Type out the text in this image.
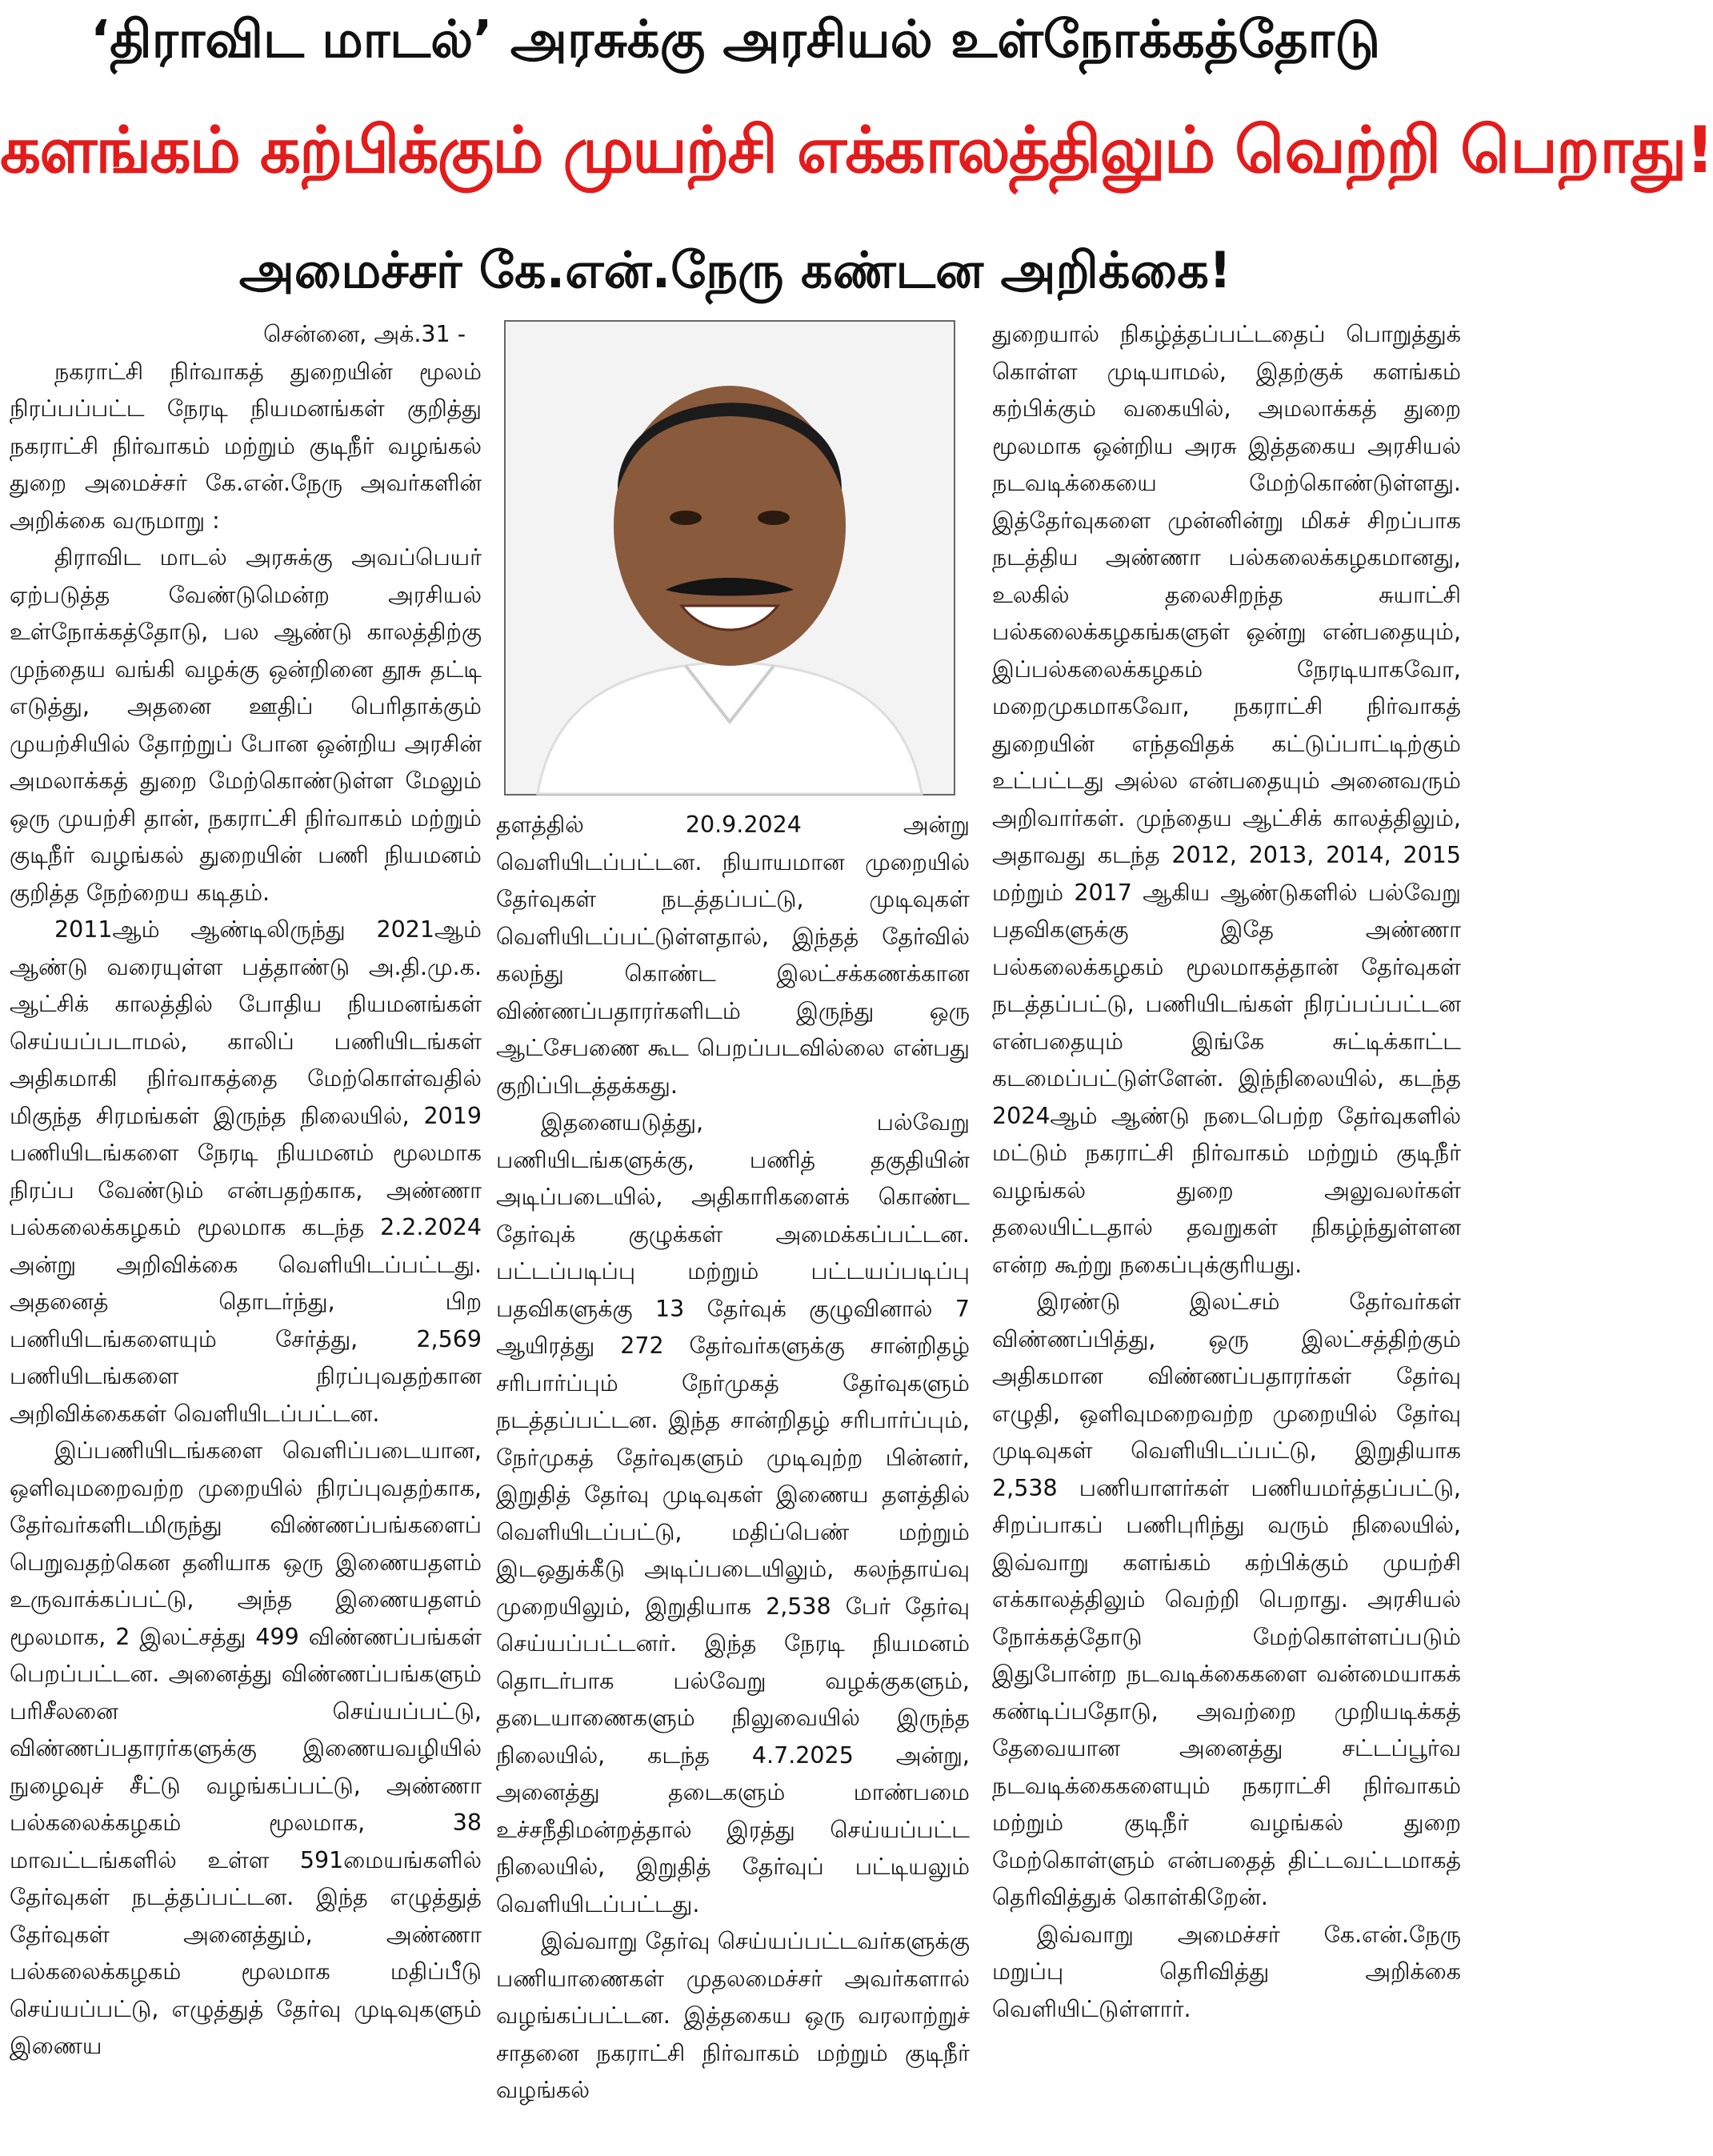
‘திராவிட மாடல்’ அரசுக்கு அரசியல் உள்நோக்கத்தோடு
களங்கம் கற்பிக்கும் முயற்சி எக்காலத்திலும் வெற்றி பெறாது!
அமைச்சர் கே.என்.நேரு கண்டன அறிக்கை!
சென்னை, அக்.31 -

நகராட்சி நிர்வாகத் துறையின் மூலம் நிரப்பப்பட்ட நேரடி நியமனங்கள் குறித்து நகராட்சி நிர்வாகம் மற்றும் குடிநீர் வழங்கல் துறை அமைச்சர் கே.என்.நேரு அவர்களின் அறிக்கை வருமாறு :

திராவிட மாடல் அரசுக்கு அவப்பெயர் ஏற்படுத்த வேண்டுமென்ற அரசியல் உள்நோக்கத்தோடு, பல ஆண்டு காலத்திற்கு முந்தைய வங்கி வழக்கு ஒன்றினை தூசு தட்டி எடுத்து, அதனை ஊதிப் பெரிதாக்கும் முயற்சியில் தோற்றுப் போன ஒன்றிய அரசின் அமலாக்கத் துறை மேற்கொண்டுள்ள மேலும் ஒரு முயற்சி தான், நகராட்சி நிர்வாகம் மற்றும் குடிநீர் வழங்கல் துறையின் பணி நியமனம் குறித்த நேற்றைய கடிதம்.

2011ஆம் ஆண்டிலிருந்து 2021ஆம் ஆண்டு வரையுள்ள பத்தாண்டு அ.தி.மு.க. ஆட்சிக் காலத்தில் போதிய நியமனங்கள் செய்யப்படாமல், காலிப் பணியிடங்கள் அதிகமாகி நிர்வாகத்தை மேற்கொள்வதில் மிகுந்த சிரமங்கள் இருந்த நிலையில், 2019 பணியிடங்களை நேரடி நியமனம் மூலமாக நிரப்ப வேண்டும் என்பதற்காக, அண்ணா பல்கலைக்கழகம் மூலமாக கடந்த 2.2.2024 அன்று அறிவிக்கை வெளியிடப்பட்டது. அதனைத் தொடர்ந்து, பிற பணியிடங்களையும் சேர்த்து, 2,569 பணியிடங்களை நிரப்புவதற்கான அறிவிக்கைகள் வெளியிடப்பட்டன.

இப்பணியிடங்களை வெளிப்படையான, ஒளிவுமறைவற்ற முறையில் நிரப்புவதற்காக, தேர்வர்களிடமிருந்து விண்ணப்பங்களைப் பெறுவதற்கென தனியாக ஒரு இணையதளம் உருவாக்கப்பட்டு, அந்த இணையதளம் மூலமாக, 2 இலட்சத்து 499 விண்ணப்பங்கள் பெறப்பட்டன. அனைத்து விண்ணப்பங்களும் பரிசீலனை செய்யப்பட்டு, விண்ணப்பதாரர்களுக்கு இணையவழியில் நுழைவுச் சீட்டு வழங்கப்பட்டு, அண்ணா பல்கலைக்கழகம் மூலமாக, 38 மாவட்டங்களில் உள்ள 591மையங்களில் தேர்வுகள் நடத்தப்பட்டன. இந்த எழுத்துத் தேர்வுகள் அனைத்தும், அண்ணா பல்கலைக்கழகம் மூலமாக மதிப்பீடு செய்யப்பட்டு, எழுத்துத் தேர்வு முடிவுகளும் இணைய

தளத்தில் 20.9.2024 அன்று வெளியிடப்பட்டன. நியாயமான முறையில் தேர்வுகள் நடத்தப்பட்டு, முடிவுகள் வெளியிடப்பட்டுள்ளதால், இந்தத் தேர்வில் கலந்து கொண்ட இலட்சக்கணக்கான விண்ணப்பதாரர்களிடம் இருந்து ஒரு ஆட்சேபணை கூட பெறப்படவில்லை என்பது குறிப்பிடத்தக்கது.

இதனையடுத்து, பல்வேறு பணியிடங்களுக்கு, பணித் தகுதியின் அடிப்படையில், அதிகாரிகளைக் கொண்ட தேர்வுக் குழுக்கள் அமைக்கப்பட்டன. பட்டப்படிப்பு மற்றும் பட்டயப்படிப்பு பதவிகளுக்கு 13 தேர்வுக் குழுவினால் 7 ஆயிரத்து 272 தேர்வர்களுக்கு சான்றிதழ் சரிபார்ப்பும் நேர்முகத் தேர்வுகளும் நடத்தப்பட்டன. இந்த சான்றிதழ் சரிபார்ப்பும், நேர்முகத் தேர்வுகளும் முடிவுற்ற பின்னர், இறுதித் தேர்வு முடிவுகள் இணைய தளத்தில் வெளியிடப்பட்டு, மதிப்பெண் மற்றும் இடஒதுக்கீடு அடிப்படையிலும், கலந்தாய்வு முறையிலும், இறுதியாக 2,538 பேர் தேர்வு செய்யப்பட்டனர். இந்த நேரடி நியமனம் தொடர்பாக பல்வேறு வழக்குகளும், தடையாணைகளும் நிலுவையில் இருந்த நிலையில், கடந்த 4.7.2025 அன்று, அனைத்து தடைகளும் மாண்பமை உச்சநீதிமன்றத்தால் இரத்து செய்யப்பட்ட நிலையில், இறுதித் தேர்வுப் பட்டியலும் வெளியிடப்பட்டது.

இவ்வாறு தேர்வு செய்யப்பட்டவர்களுக்கு பணியாணைகள் முதலமைச்சர் அவர்களால் வழங்கப்பட்டன. இத்தகைய ஒரு வரலாற்றுச் சாதனை நகராட்சி நிர்வாகம் மற்றும் குடிநீர் வழங்கல்

துறையால் நிகழ்த்தப்பட்டதைப் பொறுத்துக் கொள்ள முடியாமல், இதற்குக் களங்கம் கற்பிக்கும் வகையில், அமலாக்கத் துறை மூலமாக ஒன்றிய அரசு இத்தகைய அரசியல் நடவடிக்கையை மேற்கொண்டுள்ளது. இத்தேர்வுகளை முன்னின்று மிகச் சிறப்பாக நடத்திய அண்ணா பல்கலைக்கழகமானது, உலகில் தலைசிறந்த சுயாட்சி பல்கலைக்கழகங்களுள் ஒன்று என்பதையும், இப்பல்கலைக்கழகம் நேரடியாகவோ, மறைமுகமாகவோ, நகராட்சி நிர்வாகத் துறையின் எந்தவிதக் கட்டுப்பாட்டிற்கும் உட்பட்டது அல்ல என்பதையும் அனைவரும் அறிவார்கள். முந்தைய ஆட்சிக் காலத்திலும், அதாவது கடந்த 2012, 2013, 2014, 2015 மற்றும் 2017 ஆகிய ஆண்டுகளில் பல்வேறு பதவிகளுக்கு இதே அண்ணா பல்கலைக்கழகம் மூலமாகத்தான் தேர்வுகள் நடத்தப்பட்டு, பணியிடங்கள் நிரப்பப்பட்டன என்பதையும் இங்கே சுட்டிக்காட்ட கடமைப்பட்டுள்ளேன். இந்நிலையில், கடந்த 2024ஆம் ஆண்டு நடைபெற்ற தேர்வுகளில் மட்டும் நகராட்சி நிர்வாகம் மற்றும் குடிநீர் வழங்கல் துறை அலுவலர்கள் தலையிட்டதால் தவறுகள் நிகழ்ந்துள்ளன என்ற கூற்று நகைப்புக்குரியது.

இரண்டு இலட்சம் தேர்வர்கள் விண்ணப்பித்து, ஒரு இலட்சத்திற்கும் அதிகமான விண்ணப்பதாரர்கள் தேர்வு எழுதி, ஒளிவுமறைவற்ற முறையில் தேர்வு முடிவுகள் வெளியிடப்பட்டு, இறுதியாக 2,538 பணியாளர்கள் பணியமர்த்தப்பட்டு, சிறப்பாகப் பணிபுரிந்து வரும் நிலையில், இவ்வாறு களங்கம் கற்பிக்கும் முயற்சி எக்காலத்திலும் வெற்றி பெறாது. அரசியல் நோக்கத்தோடு மேற்கொள்ளப்படும் இதுபோன்ற நடவடிக்கைகளை வன்மையாகக் கண்டிப்பதோடு, அவற்றை முறியடிக்கத் தேவையான அனைத்து சட்டப்பூர்வ நடவடிக்கைகளையும் நகராட்சி நிர்வாகம் மற்றும் குடிநீர் வழங்கல் துறை மேற்கொள்ளும் என்பதைத் திட்டவட்டமாகத் தெரிவித்துக் கொள்கிறேன்.

இவ்வாறு அமைச்சர் கே.என்.நேரு மறுப்பு தெரிவித்து அறிக்கை வெளியிட்டுள்ளார்.
